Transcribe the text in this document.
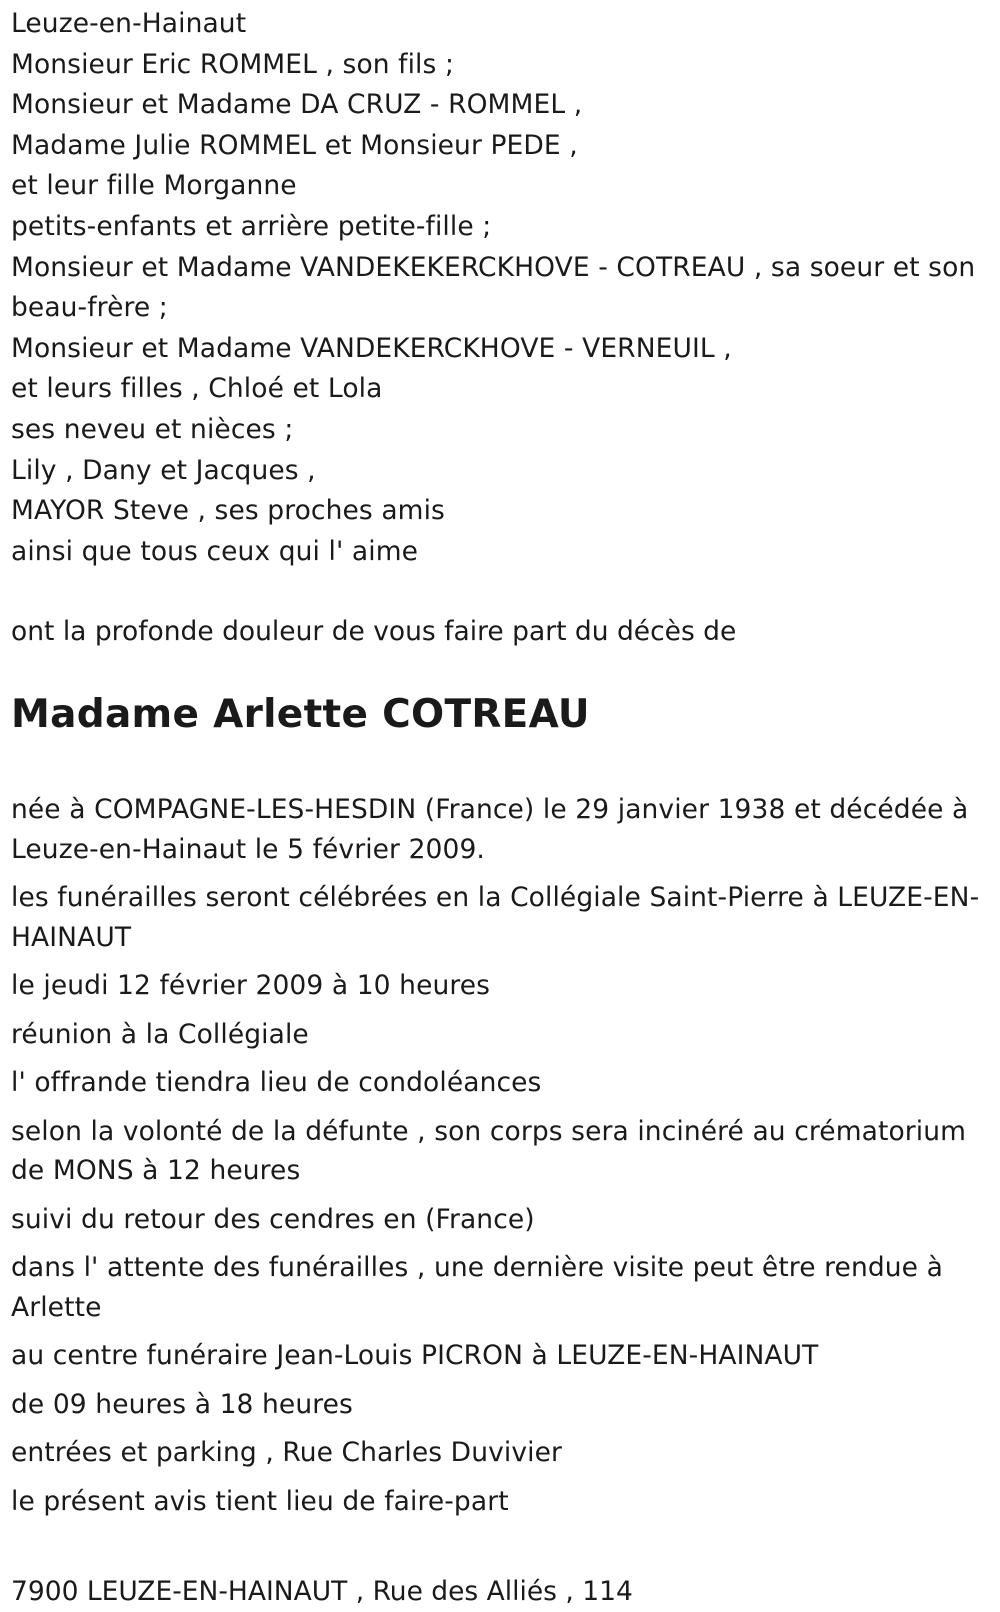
Leuze-en-Hainaut
Monsieur Eric ROMMEL , son fils ;
Monsieur et Madame DA CRUZ - ROMMEL ,
Madame Julie ROMMEL et Monsieur PEDE ,
et leur fille Morganne
petits-enfants et arrière petite-fille ;
Monsieur et Madame VANDEKEKERCKHOVE - COTREAU , sa soeur et son beau-frère ;
Monsieur et Madame VANDEKERCKHOVE - VERNEUIL ,
et leurs filles , Chloé et Lola
ses neveu et nièces ;
Lily , Dany et Jacques ,
MAYOR Steve , ses proches amis
ainsi que tous ceux qui l' aime
ont la profonde douleur de vous faire part du décès de
Madame Arlette COTREAU

née à COMPAGNE-LES-HESDIN (France) le 29 janvier 1938 et décédée à Leuze-en-Hainaut le 5 février 2009.

les funérailles seront célébrées en la Collégiale Saint-Pierre à LEUZE-EN-HAINAUT

le jeudi 12 février 2009 à 10 heures

réunion à la Collégiale

l' offrande tiendra lieu de condoléances

selon la volonté de la défunte , son corps sera incinéré au crématorium de MONS à 12 heures

suivi du retour des cendres en (France)

dans l' attente des funérailles , une dernière visite peut être rendue à Arlette

au centre funéraire Jean-Louis PICRON à LEUZE-EN-HAINAUT

de 09 heures à 18 heures

entrées et parking , Rue Charles Duvivier

le présent avis tient lieu de faire-part

7900 LEUZE-EN-HAINAUT , Rue des Alliés , 114
